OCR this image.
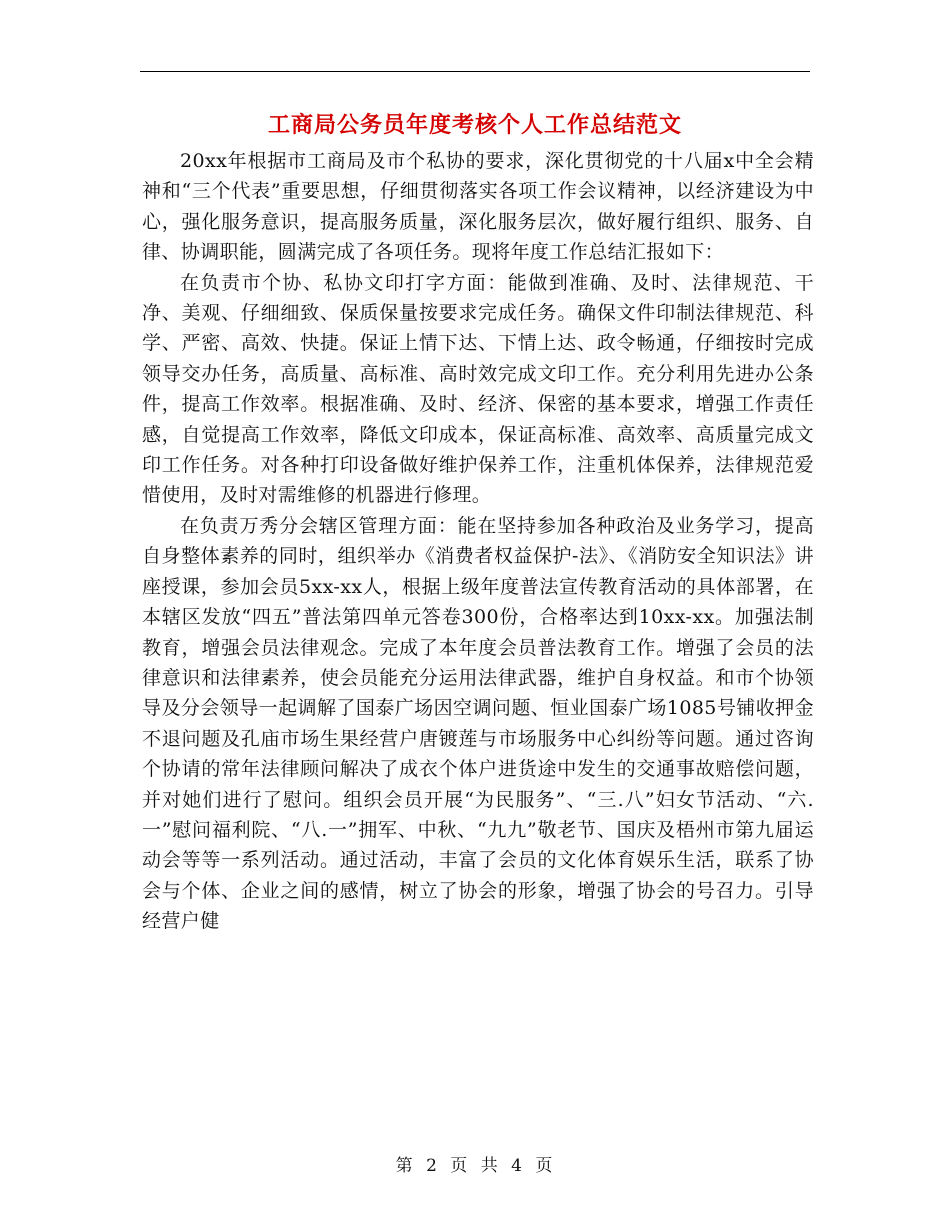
工商局公务员年度考核个人工作总结范文

20xx年根据市工商局及市个私协的要求，深化贯彻党的十八届x中全会精神和“三个代表”重要思想，仔细贯彻落实各项工作会议精神，以经济建设为中心，强化服务意识，提高服务质量，深化服务层次，做好履行组织、服务、自律、协调职能，圆满完成了各项任务。现将年度工作总结汇报如下：

在负责市个协、私协文印打字方面：能做到准确、及时、法律规范、干净、美观、仔细细致、保质保量按要求完成任务。确保文件印制法律规范、科学、严密、高效、快捷。保证上情下达、下情上达、政令畅通，仔细按时完成领导交办任务，高质量、高标准、高时效完成文印工作。充分利用先进办公条件，提高工作效率。根据准确、及时、经济、保密的基本要求，增强工作责任感，自觉提高工作效率，降低文印成本，保证高标准、高效率、高质量完成文印工作任务。对各种打印设备做好维护保养工作，注重机体保养，法律规范爱惜使用，及时对需维修的机器进行修理。

在负责万秀分会辖区管理方面：能在坚持参加各种政治及业务学习，提高自身整体素养的同时，组织举办《消费者权益保护-法》、《消防安全知识法》讲座授课，参加会员5xx-xx人，根据上级年度普法宣传教育活动的具体部署，在本辖区发放“四五”普法第四单元答卷300份，合格率达到10xx-xx。加强法制教育，增强会员法律观念。完成了本年度会员普法教育工作。增强了会员的法律意识和法律素养，使会员能充分运用法律武器，维护自身权益。和市个协领导及分会领导一起调解了国泰广场因空调问题、恒业国泰广场1085号铺收押金不退问题及孔庙市场生果经营户唐镀莲与市场服务中心纠纷等问题。通过咨询个协请的常年法律顾问解决了成衣个体户进货途中发生的交通事故赔偿问题，并对她们进行了慰问。组织会员开展“为民服务”、“三.八”妇女节活动、“六.一”慰问福利院、“八.一”拥军、中秋、“九九”敬老节、国庆及梧州市第九届运动会等等一系列活动。通过活动，丰富了会员的文化体育娱乐生活，联系了协会与个体、企业之间的感情，树立了协会的形象，增强了协会的号召力。引导经营户健

第 2 页 共 4 页
